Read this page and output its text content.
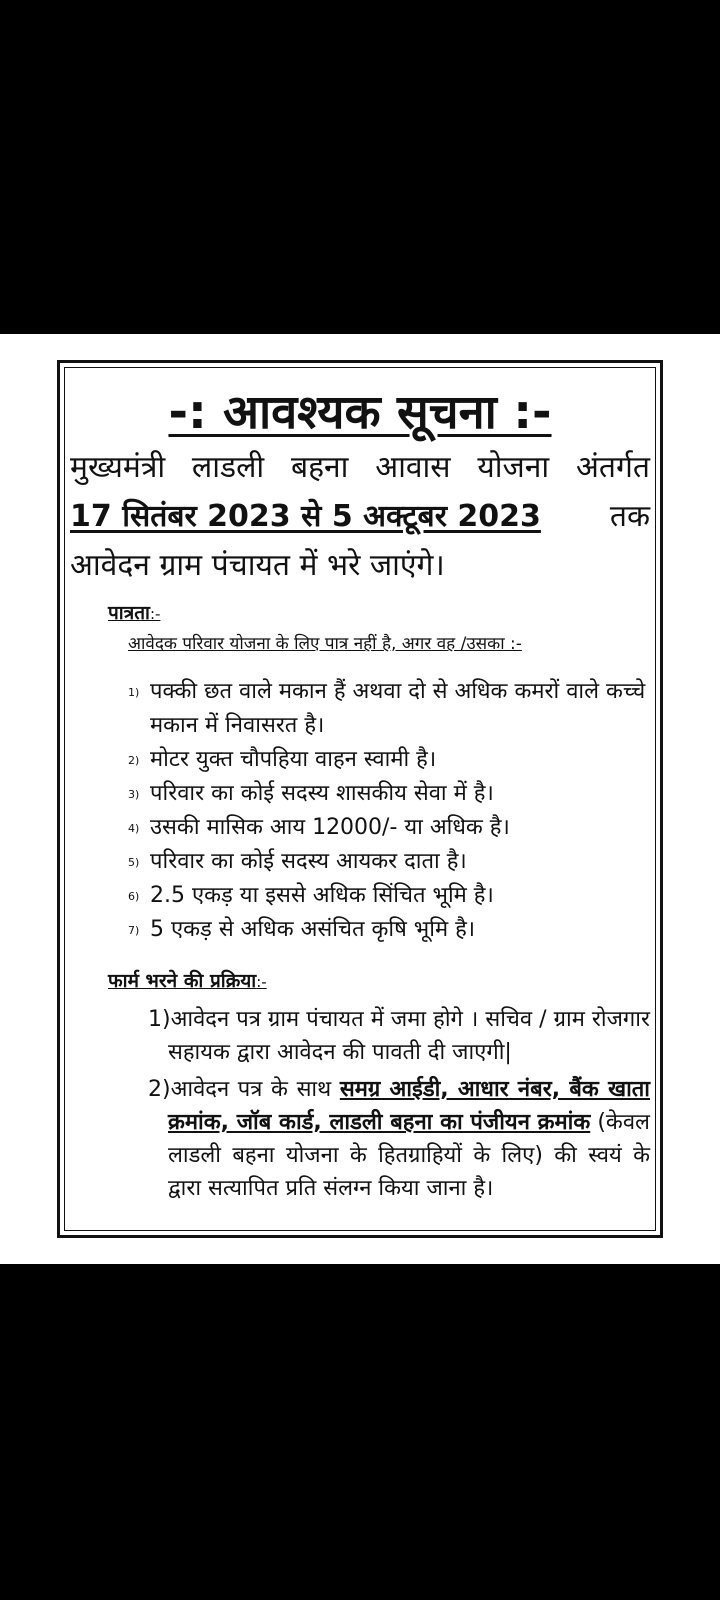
-: आवश्यक सूचना :-
मुख्यमंत्री लाडली बहना आवास योजना अंतर्गत
17 सितंबर 2023 से 5 अक्टूबर 2023 तक
आवेदन ग्राम पंचायत में भरे जाएंगे।
पात्रता:-
आवेदक परिवार योजना के लिए पात्र नहीं है, अगर वह /उसका :-
1) पक्की छत वाले मकान हैं अथवा दो से अधिक कमरों वाले कच्चे मकान में निवासरत है।
2) मोटर युक्त चौपहिया वाहन स्वामी है।
3) परिवार का कोई सदस्य शासकीय सेवा में है।
4) उसकी मासिक आय 12000/- या अधिक है।
5) परिवार का कोई सदस्य आयकर दाता है।
6) 2.5 एकड़ या इससे अधिक सिंचित भूमि है।
7) 5 एकड़ से अधिक असंचित कृषि भूमि है।
फार्म भरने की प्रक्रिया:-

1)आवेदन पत्र ग्राम पंचायत में जमा होगे । सचिव / ग्राम रोजगार सहायक द्वारा आवेदन की पावती दी जाएगी|

2)आवेदन पत्र के साथ समग्र आईडी, आधार नंबर, बैंक खाता क्रमांक, जॉब कार्ड, लाडली बहना का पंजीयन क्रमांक (केवल लाडली बहना योजना के हितग्राहियों के लिए) की स्वयं के द्वारा सत्यापित प्रति संलग्न किया जाना है।
